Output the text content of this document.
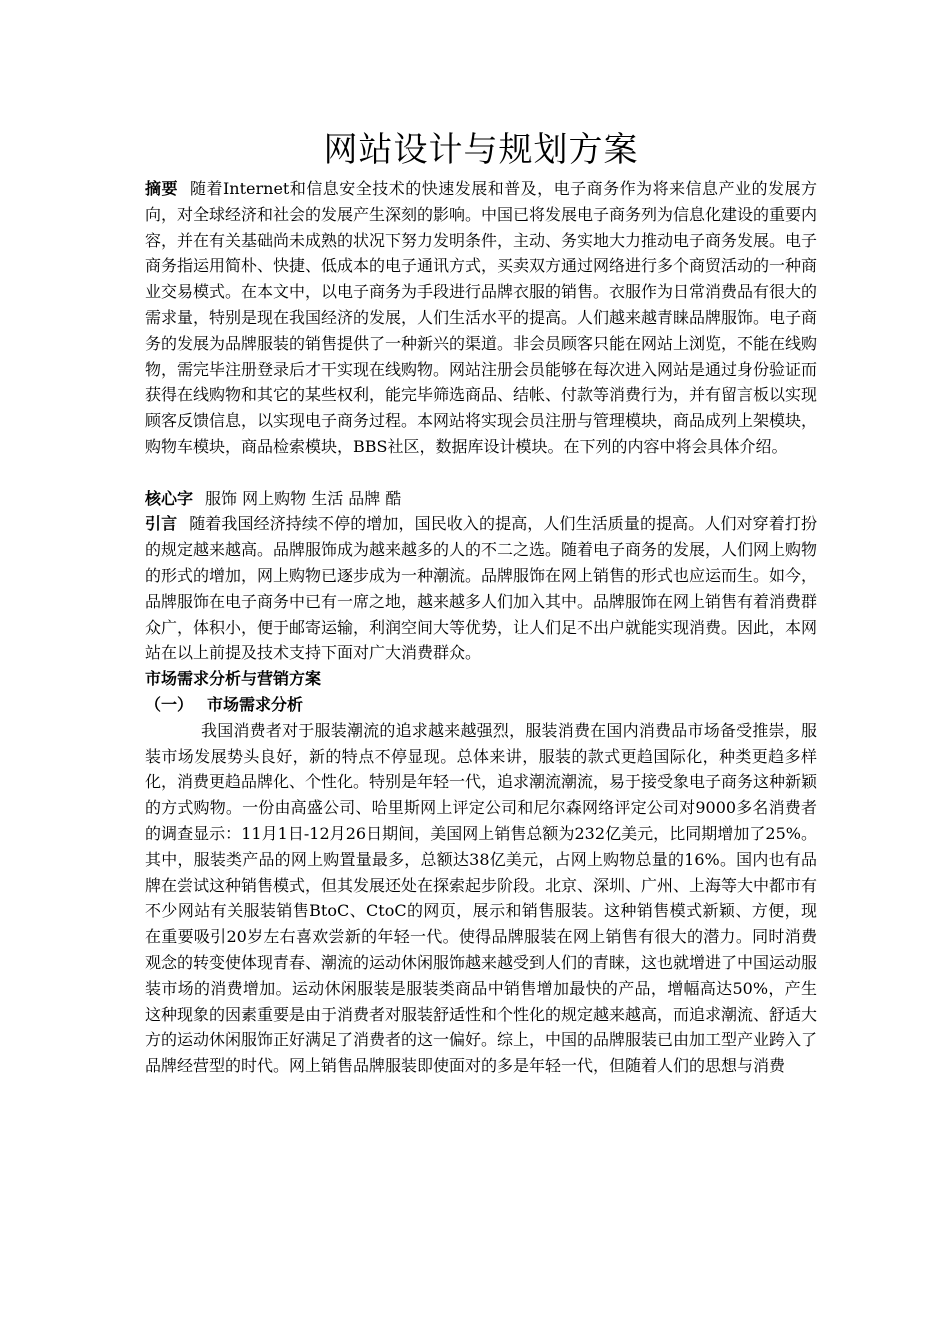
网站设计与规划方案

摘要 随着Internet和信息安全技术的快速发展和普及，电子商务作为将来信息产业的发展方向，对全球经济和社会的发展产生深刻的影响。中国已将发展电子商务列为信息化建设的重要内容，并在有关基础尚未成熟的状况下努力发明条件，主动、务实地大力推动电子商务发展。电子商务指运用简朴、快捷、低成本的电子通讯方式，买卖双方通过网络进行多个商贸活动的一种商业交易模式。在本文中，以电子商务为手段进行品牌衣服的销售。衣服作为日常消费品有很大的需求量，特别是现在我国经济的发展，人们生活水平的提高。人们越来越青睐品牌服饰。电子商务的发展为品牌服装的销售提供了一种新兴的渠道。非会员顾客只能在网站上浏览，不能在线购物，需完毕注册登录后才干实现在线购物。网站注册会员能够在每次进入网站是通过身份验证而获得在线购物和其它的某些权利，能完毕筛选商品、结帐、付款等消费行为，并有留言板以实现顾客反馈信息，以实现电子商务过程。本网站将实现会员注册与管理模块，商品成列上架模块，购物车模块，商品检索模块，BBS社区，数据库设计模块。在下列的内容中将会具体介绍。

核心字 服饰 网上购物 生活 品牌 酷

引言 随着我国经济持续不停的增加，国民收入的提高，人们生活质量的提高。人们对穿着打扮的规定越来越高。品牌服饰成为越来越多的人的不二之选。随着电子商务的发展，人们网上购物的形式的增加，网上购物已逐步成为一种潮流。品牌服饰在网上销售的形式也应运而生。如今，品牌服饰在电子商务中已有一席之地，越来越多人们加入其中。品牌服饰在网上销售有着消费群众广，体积小，便于邮寄运输，利润空间大等优势，让人们足不出户就能实现消费。因此，本网站在以上前提及技术支持下面对广大消费群众。

市场需求分析与营销方案
（一） 市场需求分析

我国消费者对于服装潮流的追求越来越强烈，服装消费在国内消费品市场备受推崇，服装市场发展势头良好，新的特点不停显现。总体来讲，服装的款式更趋国际化，种类更趋多样化，消费更趋品牌化、个性化。特别是年轻一代，追求潮流潮流，易于接受象电子商务这种新颖的方式购物。一份由高盛公司、哈里斯网上评定公司和尼尔森网络评定公司对9000多名消费者的调查显示：11月1日-12月26日期间，美国网上销售总额为232亿美元，比同期增加了25%。其中，服装类产品的网上购置量最多，总额达38亿美元，占网上购物总量的16%。国内也有品牌在尝试这种销售模式，但其发展还处在探索起步阶段。北京、深圳、广州、上海等大中都市有不少网站有关服装销售BtoC、CtoC的网页，展示和销售服装。这种销售模式新颖、方便，现在重要吸引20岁左右喜欢尝新的年轻一代。使得品牌服装在网上销售有很大的潜力。同时消费观念的转变使体现青春、潮流的运动休闲服饰越来越受到人们的青睐，这也就增进了中国运动服装市场的消费增加。运动休闲服装是服装类商品中销售增加最快的产品，增幅高达50%，产生这种现象的因素重要是由于消费者对服装舒适性和个性化的规定越来越高，而追求潮流、舒适大方的运动休闲服饰正好满足了消费者的这一偏好。综上，中国的品牌服装已由加工型产业跨入了品牌经营型的时代。网上销售品牌服装即使面对的多是年轻一代，但随着人们的思想与消费
